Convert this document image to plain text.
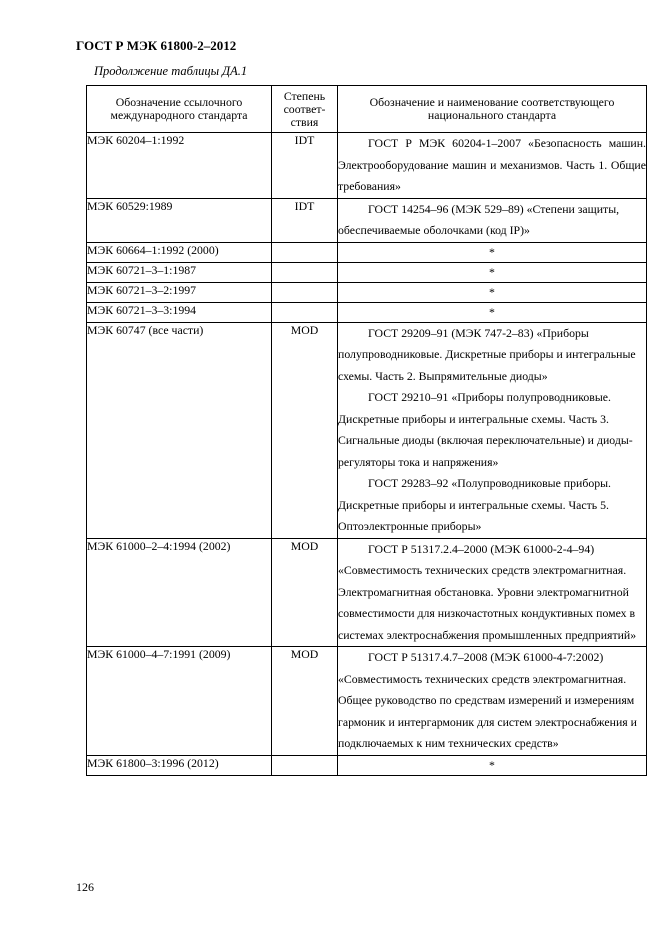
ГОСТ Р МЭК 61800-2–2012
Продолжение таблицы ДА.1
Обозначение ссылочного международного стандарта	Степень соответ-ствия	Обозначение и наименование соответствующего национального стандарта
МЭК 60204–1:1992	IDT	ГОСТ Р МЭК 60204-1–2007 «Безопасность машин. Электрооборудование машин и механизмов. Часть 1. Общие требования»

МЭК 60529:1989	IDT	ГОСТ 14254–96 (МЭК 529–89) «Степени защиты, обеспечиваемые оболочками (код IP)»

МЭК 60664–1:1992 (2000)		*
МЭК 60721–3–1:1987		*
МЭК 60721–3–2:1997		*
МЭК 60721–3–3:1994		*
МЭК 60747 (все части)	MOD	ГОСТ 29209–91 (МЭК 747-2–83) «Приборы полупроводниковые. Дискретные приборы и интегральные схемы. Часть 2. Выпрямительные диоды»
ГОСТ 29210–91 «Приборы полупроводниковые. Дискретные приборы и интегральные схемы. Часть 3. Сигнальные диоды (включая переключательные) и диоды-регуляторы тока и напряжения»
ГОСТ 29283–92 «Полупроводниковые приборы. Дискретные приборы и интегральные схемы. Часть 5. Оптоэлектронные приборы»

МЭК 61000–2–4:1994 (2002)	MOD	ГОСТ Р 51317.2.4–2000 (МЭК 61000-2-4–94) «Совместимость технических средств электромагнитная. Электромагнитная обстановка. Уровни электромагнитной совместимости для низкочастотных кондуктивных помех в системах электроснабжения промышленных предприятий»

МЭК 61000–4–7:1991 (2009)	MOD	ГОСТ Р 51317.4.7–2008 (МЭК 61000-4-7:2002) «Совместимость технических средств электромагнитная. Общее руководство по средствам измерений и измерениям гармоник и интергармоник для систем электроснабжения и подключаемых к ним технических средств»

МЭК 61800–3:1996 (2012)		*
126
